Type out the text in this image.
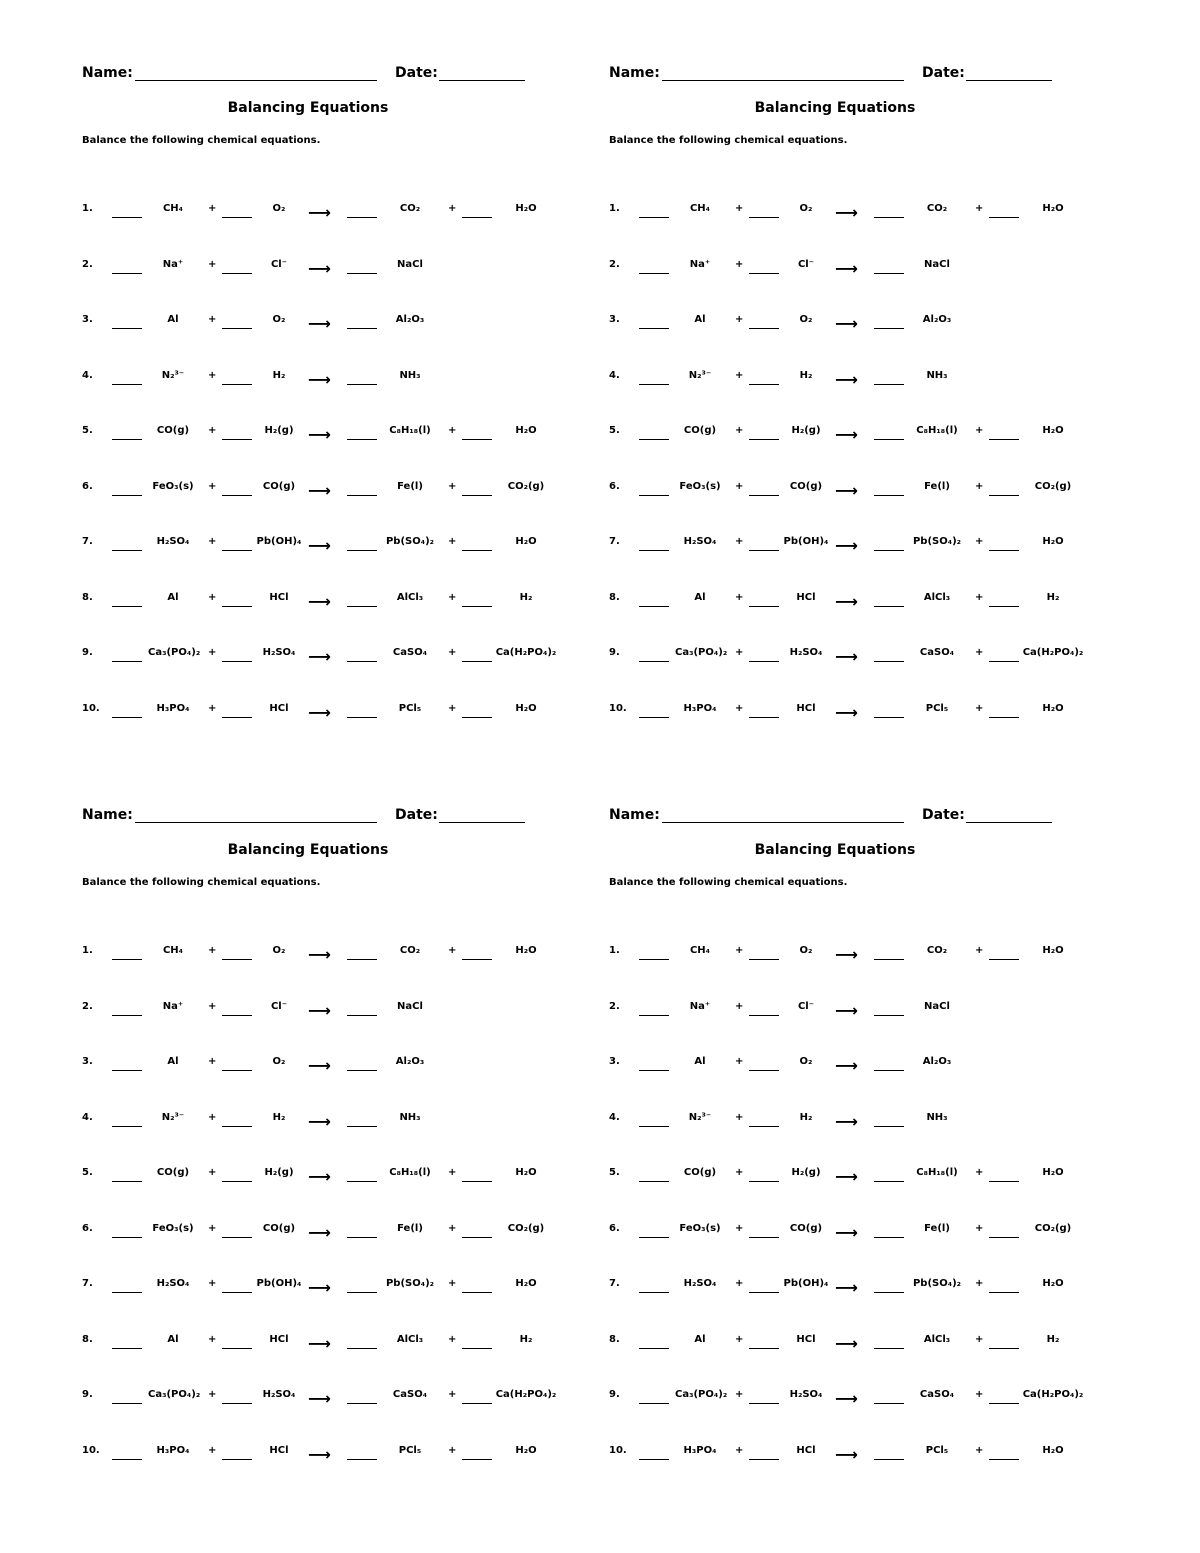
Name:	Date:
Balancing Equations
Balance the following chemical equations.
1.	CH₄	+	O₂	⟶	CO₂	+	H₂O
2.	Na⁺	+	Cl⁻	⟶	NaCl
3.	Al	+	O₂	⟶	Al₂O₃
4.	N₂³⁻	+	H₂	⟶	NH₃
5.	CO(g)	+	H₂(g) ⟶	C₈H₁₈(l)	+	H₂O
6.	FeO₃(s)	+	CO(g) ⟶	Fe(l)	+	CO₂(g)
7.	H₂SO₄	+	Pb(OH)₄ ⟶	Pb(SO₄)₂	+	H₂O
8.	Al	+	HCl	⟶	AlCl₃	+	H₂
9.	Ca₃(PO₄)₂ +	H₂SO₄ ⟶	CaSO₄	+	Ca(H₂PO₄)₂
10.	H₃PO₄	+	HCl	⟶	PCl₅	+	H₂O
Name:	Date:
Balancing Equations
Balance the following chemical equations.
1.	CH₄	+	O₂	⟶	CO₂	+	H₂O
2.	Na⁺	+	Cl⁻	⟶	NaCl
3.	Al	+	O₂	⟶	Al₂O₃
4.	N₂³⁻	+	H₂	⟶	NH₃
5.	CO(g)	+	H₂(g) ⟶	C₈H₁₈(l)	+	H₂O
6.	FeO₃(s)	+	CO(g) ⟶	Fe(l)	+	CO₂(g)
7.	H₂SO₄	+	Pb(OH)₄ ⟶	Pb(SO₄)₂	+	H₂O
8.	Al	+	HCl	⟶	AlCl₃	+	H₂
9.	Ca₃(PO₄)₂ +	H₂SO₄ ⟶	CaSO₄	+	Ca(H₂PO₄)₂
10.	H₃PO₄	+	HCl	⟶	PCl₅	+	H₂O
Name:	Date:
Balancing Equations
Balance the following chemical equations.
1.	CH₄	+	O₂	⟶	CO₂	+	H₂O
2.	Na⁺	+	Cl⁻	⟶	NaCl
3.	Al	+	O₂	⟶	Al₂O₃
4.	N₂³⁻	+	H₂	⟶	NH₃
5.	CO(g)	+	H₂(g) ⟶	C₈H₁₈(l)	+	H₂O
6.	FeO₃(s)	+	CO(g) ⟶	Fe(l)	+	CO₂(g)
7.	H₂SO₄	+	Pb(OH)₄ ⟶	Pb(SO₄)₂	+	H₂O
8.	Al	+	HCl	⟶	AlCl₃	+	H₂
9.	Ca₃(PO₄)₂ +	H₂SO₄ ⟶	CaSO₄	+	Ca(H₂PO₄)₂
10.	H₃PO₄	+	HCl	⟶	PCl₅	+	H₂O
Name:	Date:
Balancing Equations
Balance the following chemical equations.
1.	CH₄	+	O₂	⟶	CO₂	+	H₂O
2.	Na⁺	+	Cl⁻	⟶	NaCl
3.	Al	+	O₂	⟶	Al₂O₃
4.	N₂³⁻	+	H₂	⟶	NH₃
5.	CO(g)	+	H₂(g) ⟶	C₈H₁₈(l)	+	H₂O
6.	FeO₃(s)	+	CO(g) ⟶	Fe(l)	+	CO₂(g)
7.	H₂SO₄	+	Pb(OH)₄ ⟶	Pb(SO₄)₂	+	H₂O
8.	Al	+	HCl	⟶	AlCl₃	+	H₂
9.	Ca₃(PO₄)₂ +	H₂SO₄ ⟶	CaSO₄	+	Ca(H₂PO₄)₂
10.	H₃PO₄	+	HCl	⟶	PCl₅	+	H₂O
